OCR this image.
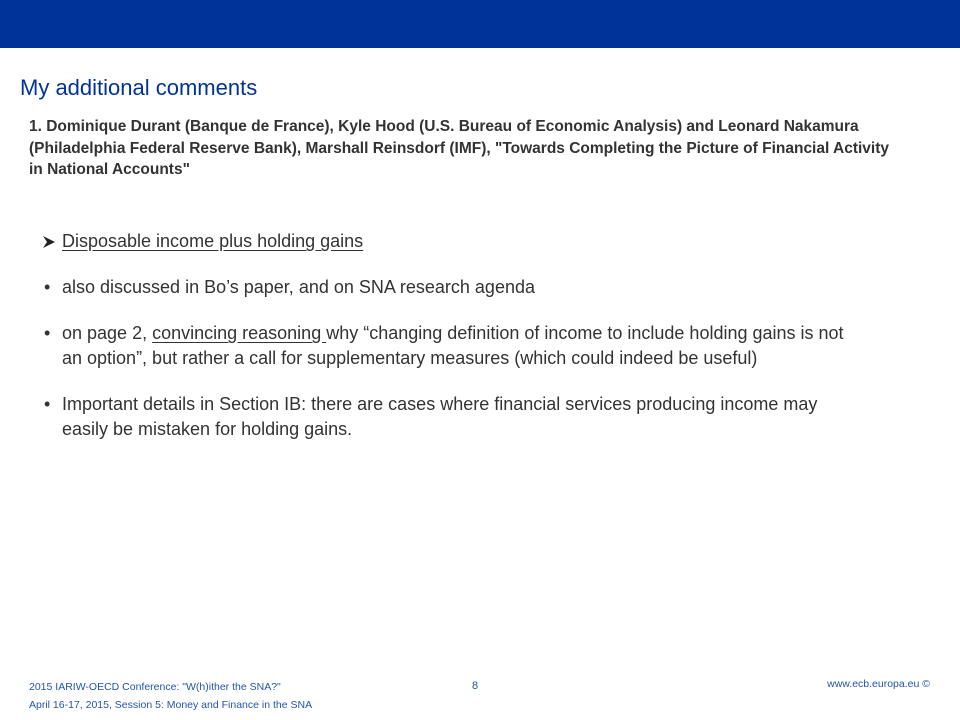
My additional comments

1. Dominique Durant (Banque de France), Kyle Hood (U.S. Bureau of Economic Analysis) and Leonard Nakamura (Philadelphia Federal Reserve Bank), Marshall Reinsdorf (IMF), "Towards Completing the Picture of Financial Activity in National Accounts"

Disposable income plus holding gains
• also discussed in Bo’s paper, and on SNA research agenda
• on page 2, convincing reasoning why “changing definition of income to include holding gains is not an option”, but rather a call for supplementary measures (which could indeed be useful)
• Important details in Section IB: there are cases where financial services producing income may easily be mistaken for holding gains.
2015 IARIW-OECD Conference: "W(h)ither the SNA?"
April 16-17, 2015, Session 5: Money and Finance in the SNA
8	www.ecb.europa.eu ©
